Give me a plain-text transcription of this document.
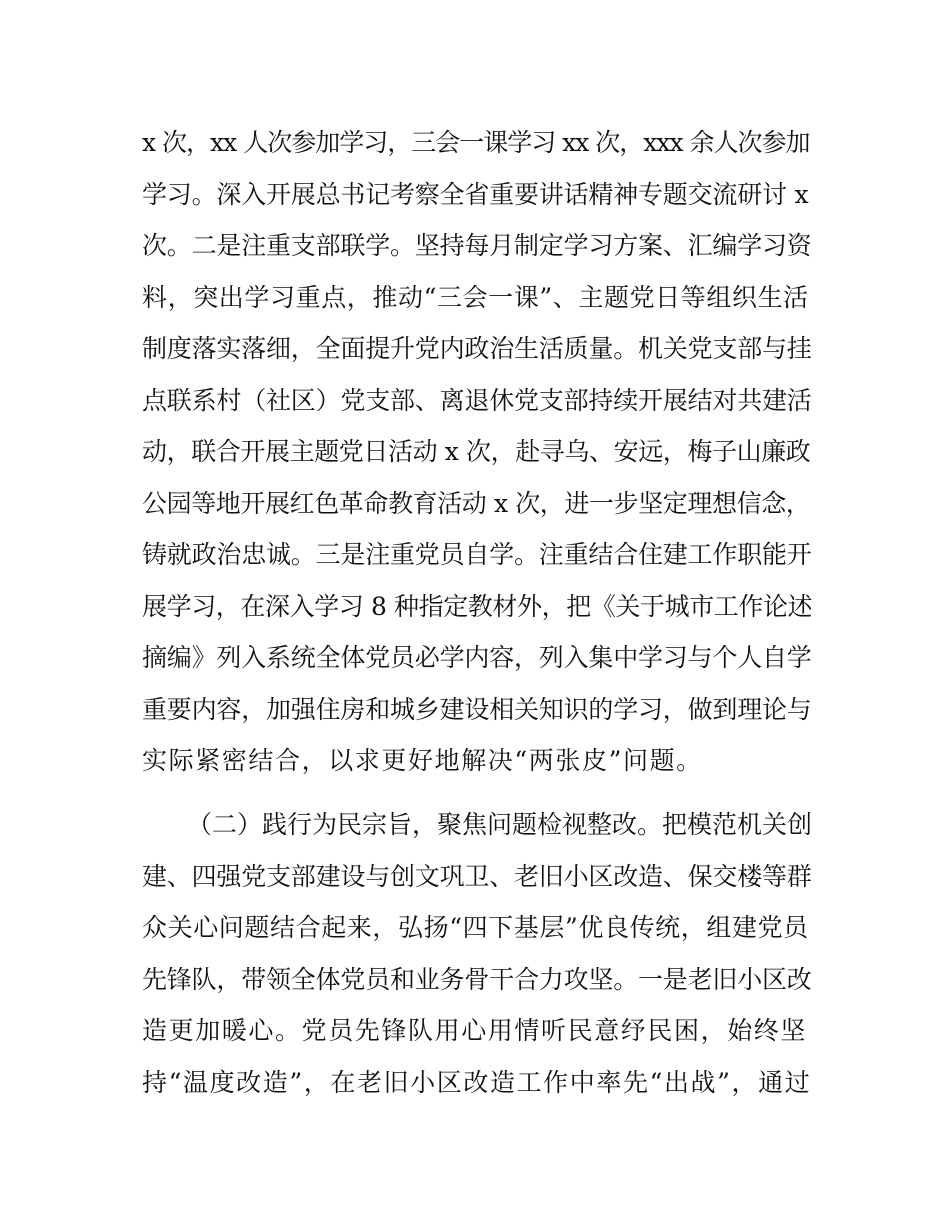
x 次，xx 人次参加学习，三会一课学习 xx 次，xxx 余人次参加
学习。深入开展总书记考察全省重要讲话精神专题交流研讨 x
次。二是注重支部联学。坚持每月制定学习方案、汇编学习资
料，突出学习重点，推动“三会一课”、主题党日等组织生活
制度落实落细，全面提升党内政治生活质量。机关党支部与挂
点联系村（社区）党支部、离退休党支部持续开展结对共建活
动，联合开展主题党日活动 x 次，赴寻乌、安远，梅子山廉政
公园等地开展红色革命教育活动 x 次，进一步坚定理想信念，
铸就政治忠诚。三是注重党员自学。注重结合住建工作职能开
展学习，在深入学习 8 种指定教材外，把《关于城市工作论述
摘编》列入系统全体党员必学内容，列入集中学习与个人自学
重要内容，加强住房和城乡建设相关知识的学习，做到理论与
实际紧密结合，以求更好地解决“两张皮”问题。
（二）践行为民宗旨，聚焦问题检视整改。把模范机关创
建、四强党支部建设与创文巩卫、老旧小区改造、保交楼等群
众关心问题结合起来，弘扬“四下基层”优良传统，组建党员
先锋队，带领全体党员和业务骨干合力攻坚。一是老旧小区改
造更加暖心。党员先锋队用心用情听民意纾民困，始终坚
持“温度改造”，在老旧小区改造工作中率先“出战”，通过
